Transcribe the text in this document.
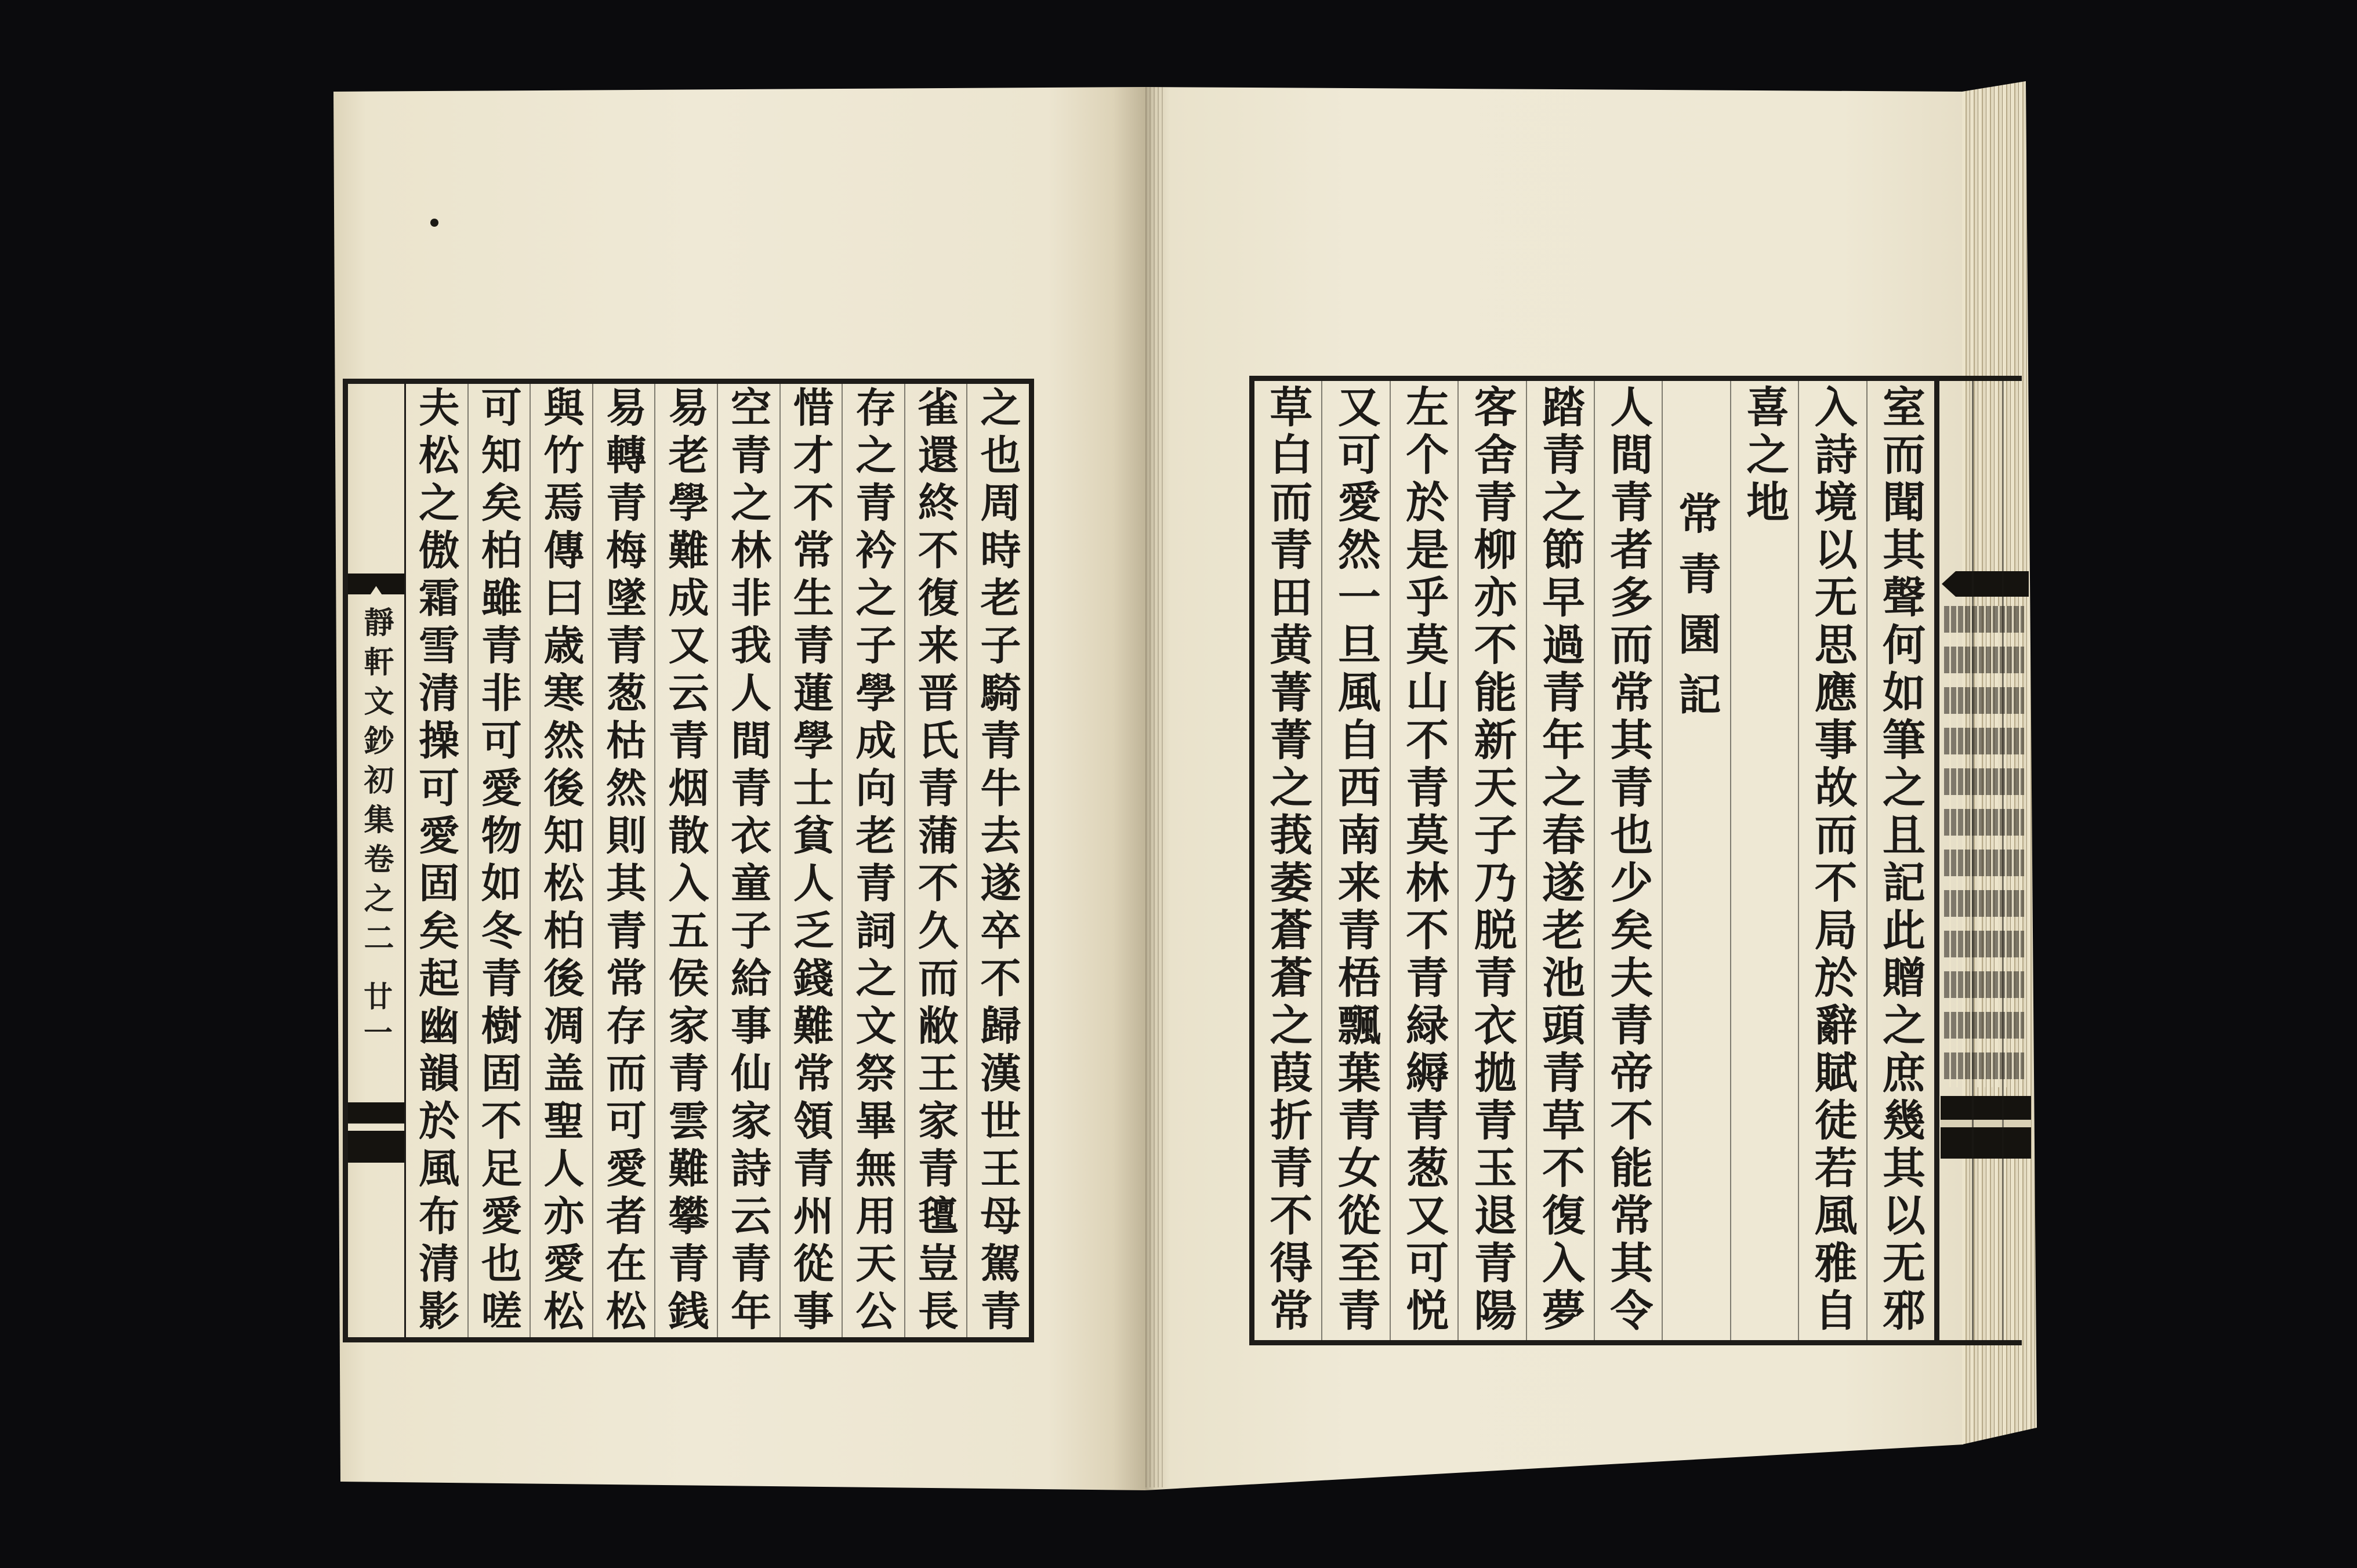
靜軒文鈔初集卷之二
廿一	之也周時老子騎青牛去遂卒不歸漢世王母駕青
雀還終不復来晋氏青蒲不久而敝王家青氊豈長
存之青衿之子學成向老青詞之文祭畢無用天公
惜才不常生青蓮學士貧人乏錢難常領青州從事
空青之林非我人間青衣童子給事仙家詩云青年
易老學難成又云青烟散入五侯家青雲難攀青銭
易轉青梅墜青葱枯然則其青常存而可愛者在松
與竹焉傳曰歳寒然後知松柏後凋盖聖人亦愛松
可知矣柏雖青非可愛物如冬青樹固不足愛也嗟
夫松之傲霜雪清操可愛固矣起幽韻於風布清影	室而聞其聲何如筆之且記此贈之庶幾其以无邪
入詩境以无思應事故而不局於辭賦徒若風雅自
喜之地
常青園記
人間青者多而常其青也少矣夫青帝不能常其令
踏青之節早過青年之春遂老池頭青草不復入夢
客舍青柳亦不能新天子乃脱青衣拋青玉退青陽
左个於是乎莫山不青莫林不青緑縟青葱又可悦
又可愛然一旦風自西南来青梧飄葉青女從至青
草白而青田黄菁菁之莪萎蒼蒼之葭折青不得常
